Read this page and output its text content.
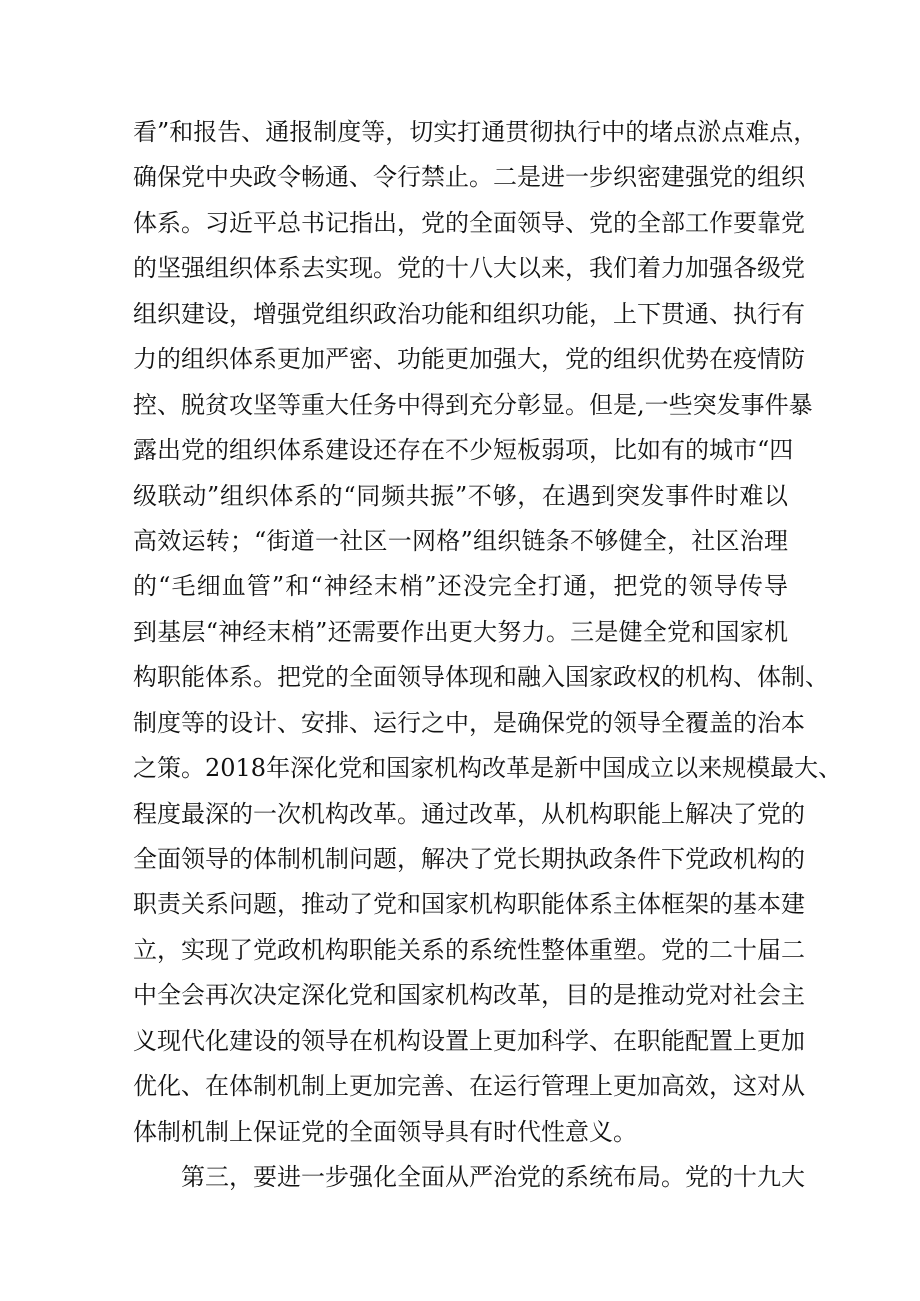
看”和报告、通报制度等，切实打通贯彻执行中的堵点淤点难点，
确保党中央政令畅通、令行禁止。二是进一步织密建强党的组织
体系。习近平总书记指出，党的全面领导、党的全部工作要靠党
的坚强组织体系去实现。党的十八大以来，我们着力加强各级党
组织建设，增强党组织政治功能和组织功能，上下贯通、执行有
力的组织体系更加严密、功能更加强大，党的组织优势在疫情防
控、脱贫攻坚等重大任务中得到充分彰显。但是,一些突发事件暴
露出党的组织体系建设还存在不少短板弱项，比如有的城市“四
级联动”组织体系的“同频共振”不够，在遇到突发事件时难以
高效运转；“街道一社区一网格”组织链条不够健全，社区治理
的“毛细血管”和“神经末梢”还没完全打通，把党的领导传导
到基层“神经末梢”还需要作出更大努力。三是健全党和国家机
构职能体系。把党的全面领导体现和融入国家政权的机构、体制、
制度等的设计、安排、运行之中，是确保党的领导全覆盖的治本
之策。2018年深化党和国家机构改革是新中国成立以来规模最大、
程度最深的一次机构改革。通过改革，从机构职能上解决了党的
全面领导的体制机制问题，解决了党长期执政条件下党政机构的
职责关系问题，推动了党和国家机构职能体系主体框架的基本建
立，实现了党政机构职能关系的系统性整体重塑。党的二十届二
中全会再次决定深化党和国家机构改革，目的是推动党对社会主
义现代化建设的领导在机构设置上更加科学、在职能配置上更加
优化、在体制机制上更加完善、在运行管理上更加高效，这对从
体制机制上保证党的全面领导具有时代性意义。
第三，要进一步强化全面从严治党的系统布局。党的十九大
